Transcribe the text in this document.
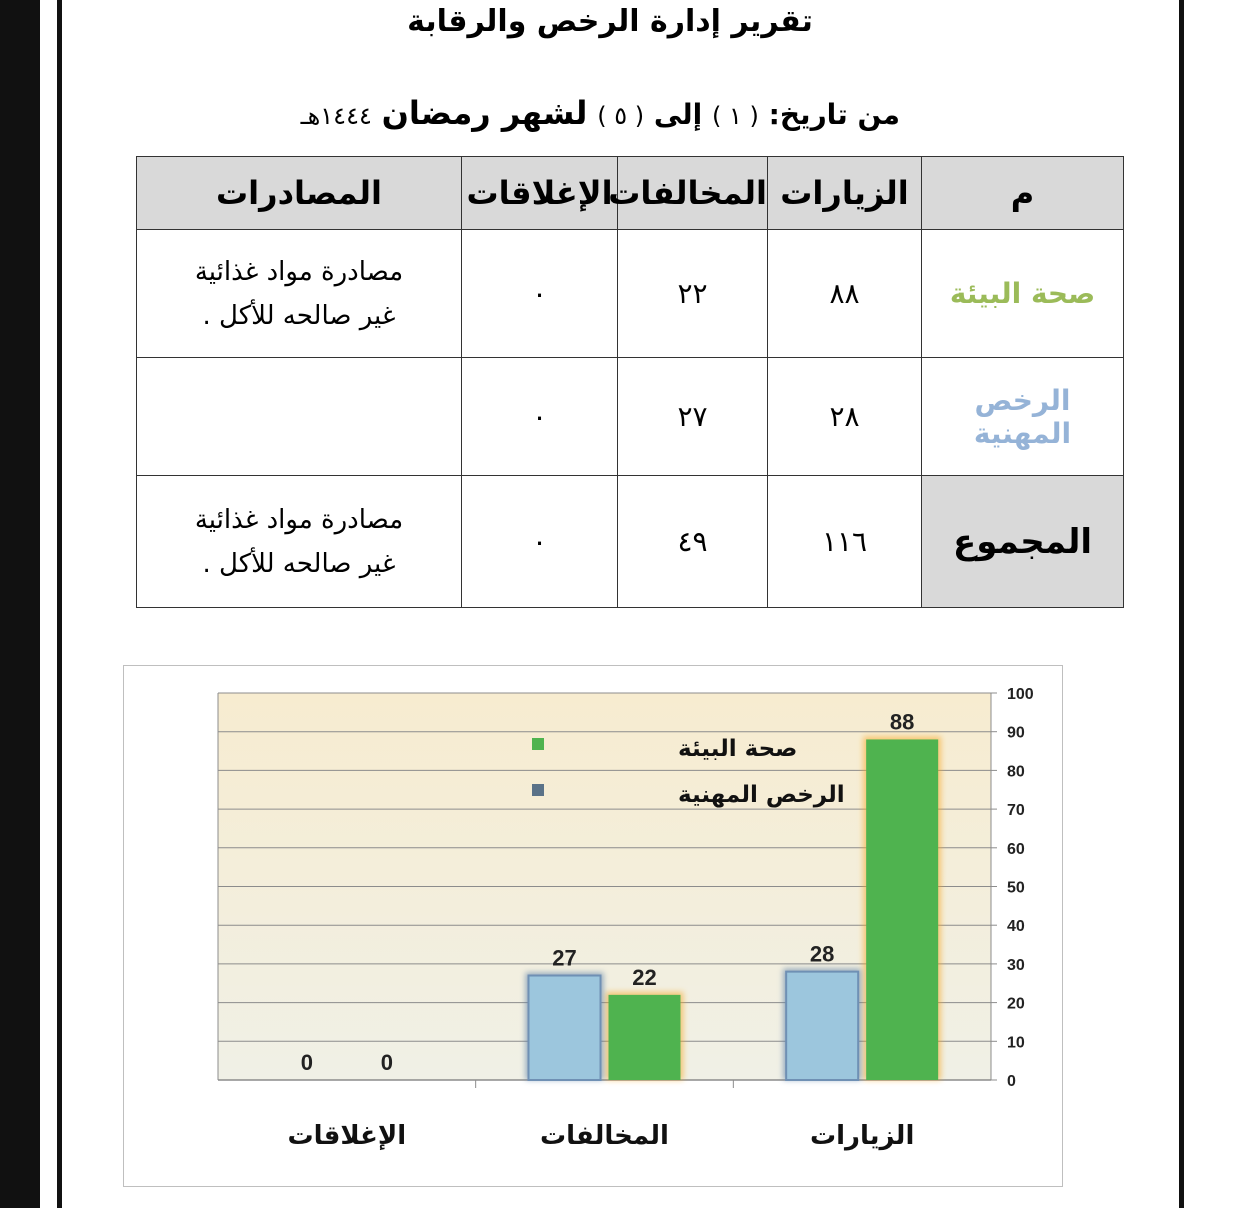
تقرير إدارة الرخص والرقابة
من تاريخ: ( ١ ) إلى ( ٥ ) لشهر رمضان ١٤٤٤هـ
م	الزيارات	المخالفات	الإغلاقات	المصادرات
صحة البيئة	٨٨	٢٢	٠	مصادرة مواد غذائية
غير صالحه للأكل .

الرخص المهنية	٢٨	٢٧	٠	

المجموع	١١٦	٤٩	٠	مصادرة مواد غذائية
غير صالحه للأكل .
0
10
20
30
40
50
60
70
80
90
100
88
28
الزيارات
22
27
المخالفات
0
0
الإغلاقات
صحة البيئة
الرخص المهنية
